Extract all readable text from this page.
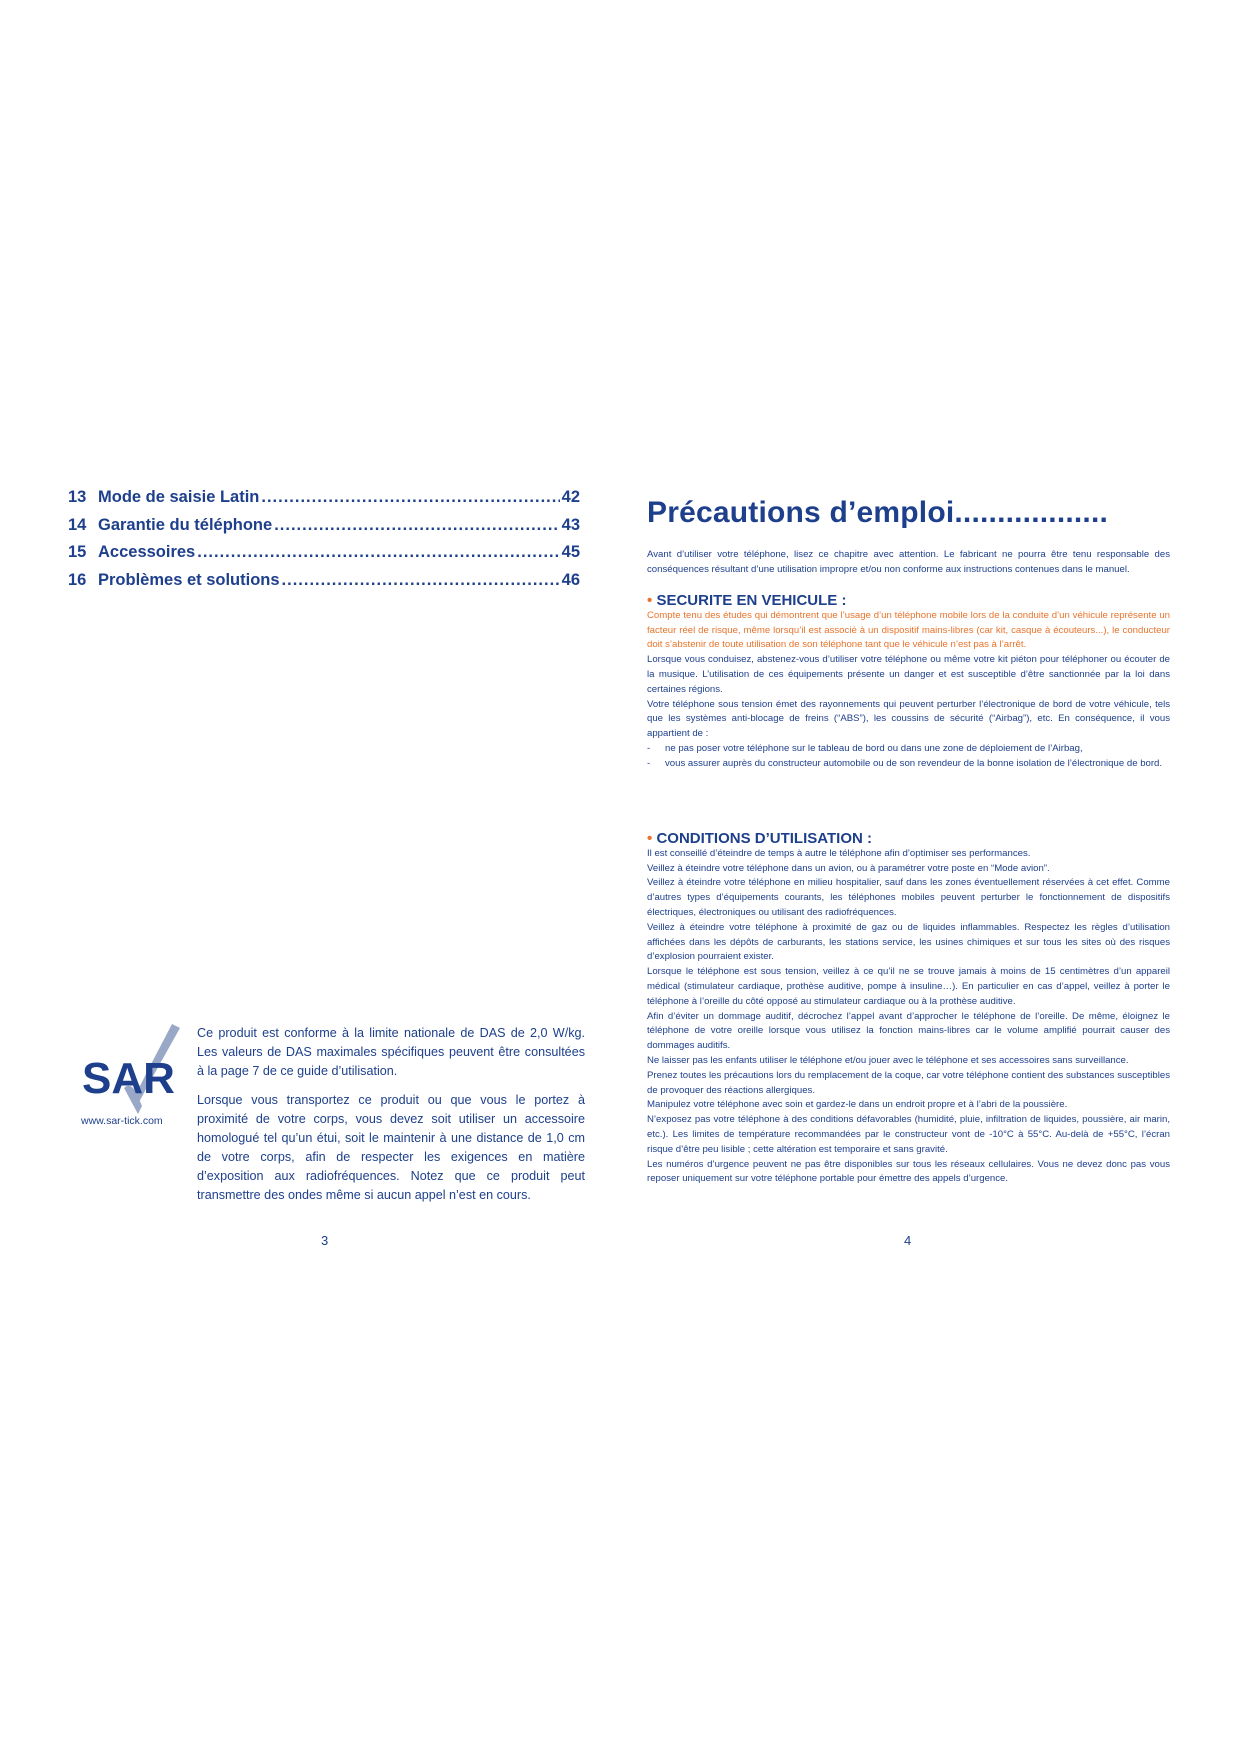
13 Mode de saisie Latin .....	42
14 Garantie du téléphone .....	43
15 Accessoires .....	45
16 Problèmes et solutions .....	46
SAR
www.sar-tick.com

Ce produit est conforme à la limite nationale de DAS de 2,0 W/kg. Les valeurs de DAS maximales spécifiques peuvent être consultées à la page 7 de ce guide d’utilisation.

Lorsque vous transportez ce produit ou que vous le portez à proximité de votre corps, vous devez soit utiliser un accessoire homologué tel qu’un étui, soit le maintenir à une distance de 1,0 cm de votre corps, afin de respecter les exigences en matière d’exposition aux radiofréquences. Notez que ce produit peut transmettre des ondes même si aucun appel n’est en cours.

3
Précautions d’emploi..................

Avant d’utiliser votre téléphone, lisez ce chapitre avec attention. Le fabricant ne pourra être tenu responsable des conséquences résultant d’une utilisation impropre et/ou non conforme aux instructions contenues dans le manuel.

• SECURITE EN VEHICULE :

Compte tenu des études qui démontrent que l’usage d’un téléphone mobile lors de la conduite d’un véhicule représente un facteur réel de risque, même lorsqu’il est associé à un dispositif mains-libres (car kit, casque à écouteurs...), le conducteur doit s’abstenir de toute utilisation de son téléphone tant que le véhicule n’est pas à l’arrêt.

Lorsque vous conduisez, abstenez-vous d’utiliser votre téléphone ou même votre kit piéton pour téléphoner ou écouter de la musique. L’utilisation de ces équipements présente un danger et est susceptible d’être sanctionnée par la loi dans certaines régions.

Votre téléphone sous tension émet des rayonnements qui peuvent perturber l’électronique de bord de votre véhicule, tels que les systèmes anti-blocage de freins (“ABS”), les coussins de sécurité (“Airbag”), etc. En conséquence, il vous appartient de :

-	ne pas poser votre téléphone sur le tableau de bord ou dans une zone de déploiement de l’Airbag,
-	vous assurer auprès du constructeur automobile ou de son revendeur de la bonne isolation de l’électronique de bord.
• CONDITIONS D’UTILISATION :

Il est conseillé d’éteindre de temps à autre le téléphone afin d’optimiser ses performances.

Veillez à éteindre votre téléphone dans un avion, ou à paramétrer votre poste en “Mode avion”.

Veillez à éteindre votre téléphone en milieu hospitalier, sauf dans les zones éventuellement réservées à cet effet. Comme d’autres types d’équipements courants, les téléphones mobiles peuvent perturber le fonctionnement de dispositifs électriques, électroniques ou utilisant des radiofréquences.

Veillez à éteindre votre téléphone à proximité de gaz ou de liquides inflammables. Respectez les règles d’utilisation affichées dans les dépôts de carburants, les stations service, les usines chimiques et sur tous les sites où des risques d’explosion pourraient exister.

Lorsque le téléphone est sous tension, veillez à ce qu’il ne se trouve jamais à moins de 15 centimètres d’un appareil médical (stimulateur cardiaque, prothèse auditive, pompe à insuline…). En particulier en cas d’appel, veillez à porter le téléphone à l’oreille du côté opposé au stimulateur cardiaque ou à la prothèse auditive.

Afin d’éviter un dommage auditif, décrochez l’appel avant d’approcher le téléphone de l’oreille. De même, éloignez le téléphone de votre oreille lorsque vous utilisez la fonction mains-libres car le volume amplifié pourrait causer des dommages auditifs.

Ne laisser pas les enfants utiliser le téléphone et/ou jouer avec le téléphone et ses accessoires sans surveillance.

Prenez toutes les précautions lors du remplacement de la coque, car votre téléphone contient des substances susceptibles de provoquer des réactions allergiques.

Manipulez votre téléphone avec soin et gardez-le dans un endroit propre et à l’abri de la poussière.

N’exposez pas votre téléphone à des conditions défavorables (humidité, pluie, infiltration de liquides, poussière, air marin, etc.). Les limites de température recommandées par le constructeur vont de -10°C à 55°C. Au-delà de +55°C, l’écran risque d’être peu lisible ; cette altération est temporaire et sans gravité.

Les numéros d’urgence peuvent ne pas être disponibles sur tous les réseaux cellulaires. Vous ne devez donc pas vous reposer uniquement sur votre téléphone portable pour émettre des appels d’urgence.

4
